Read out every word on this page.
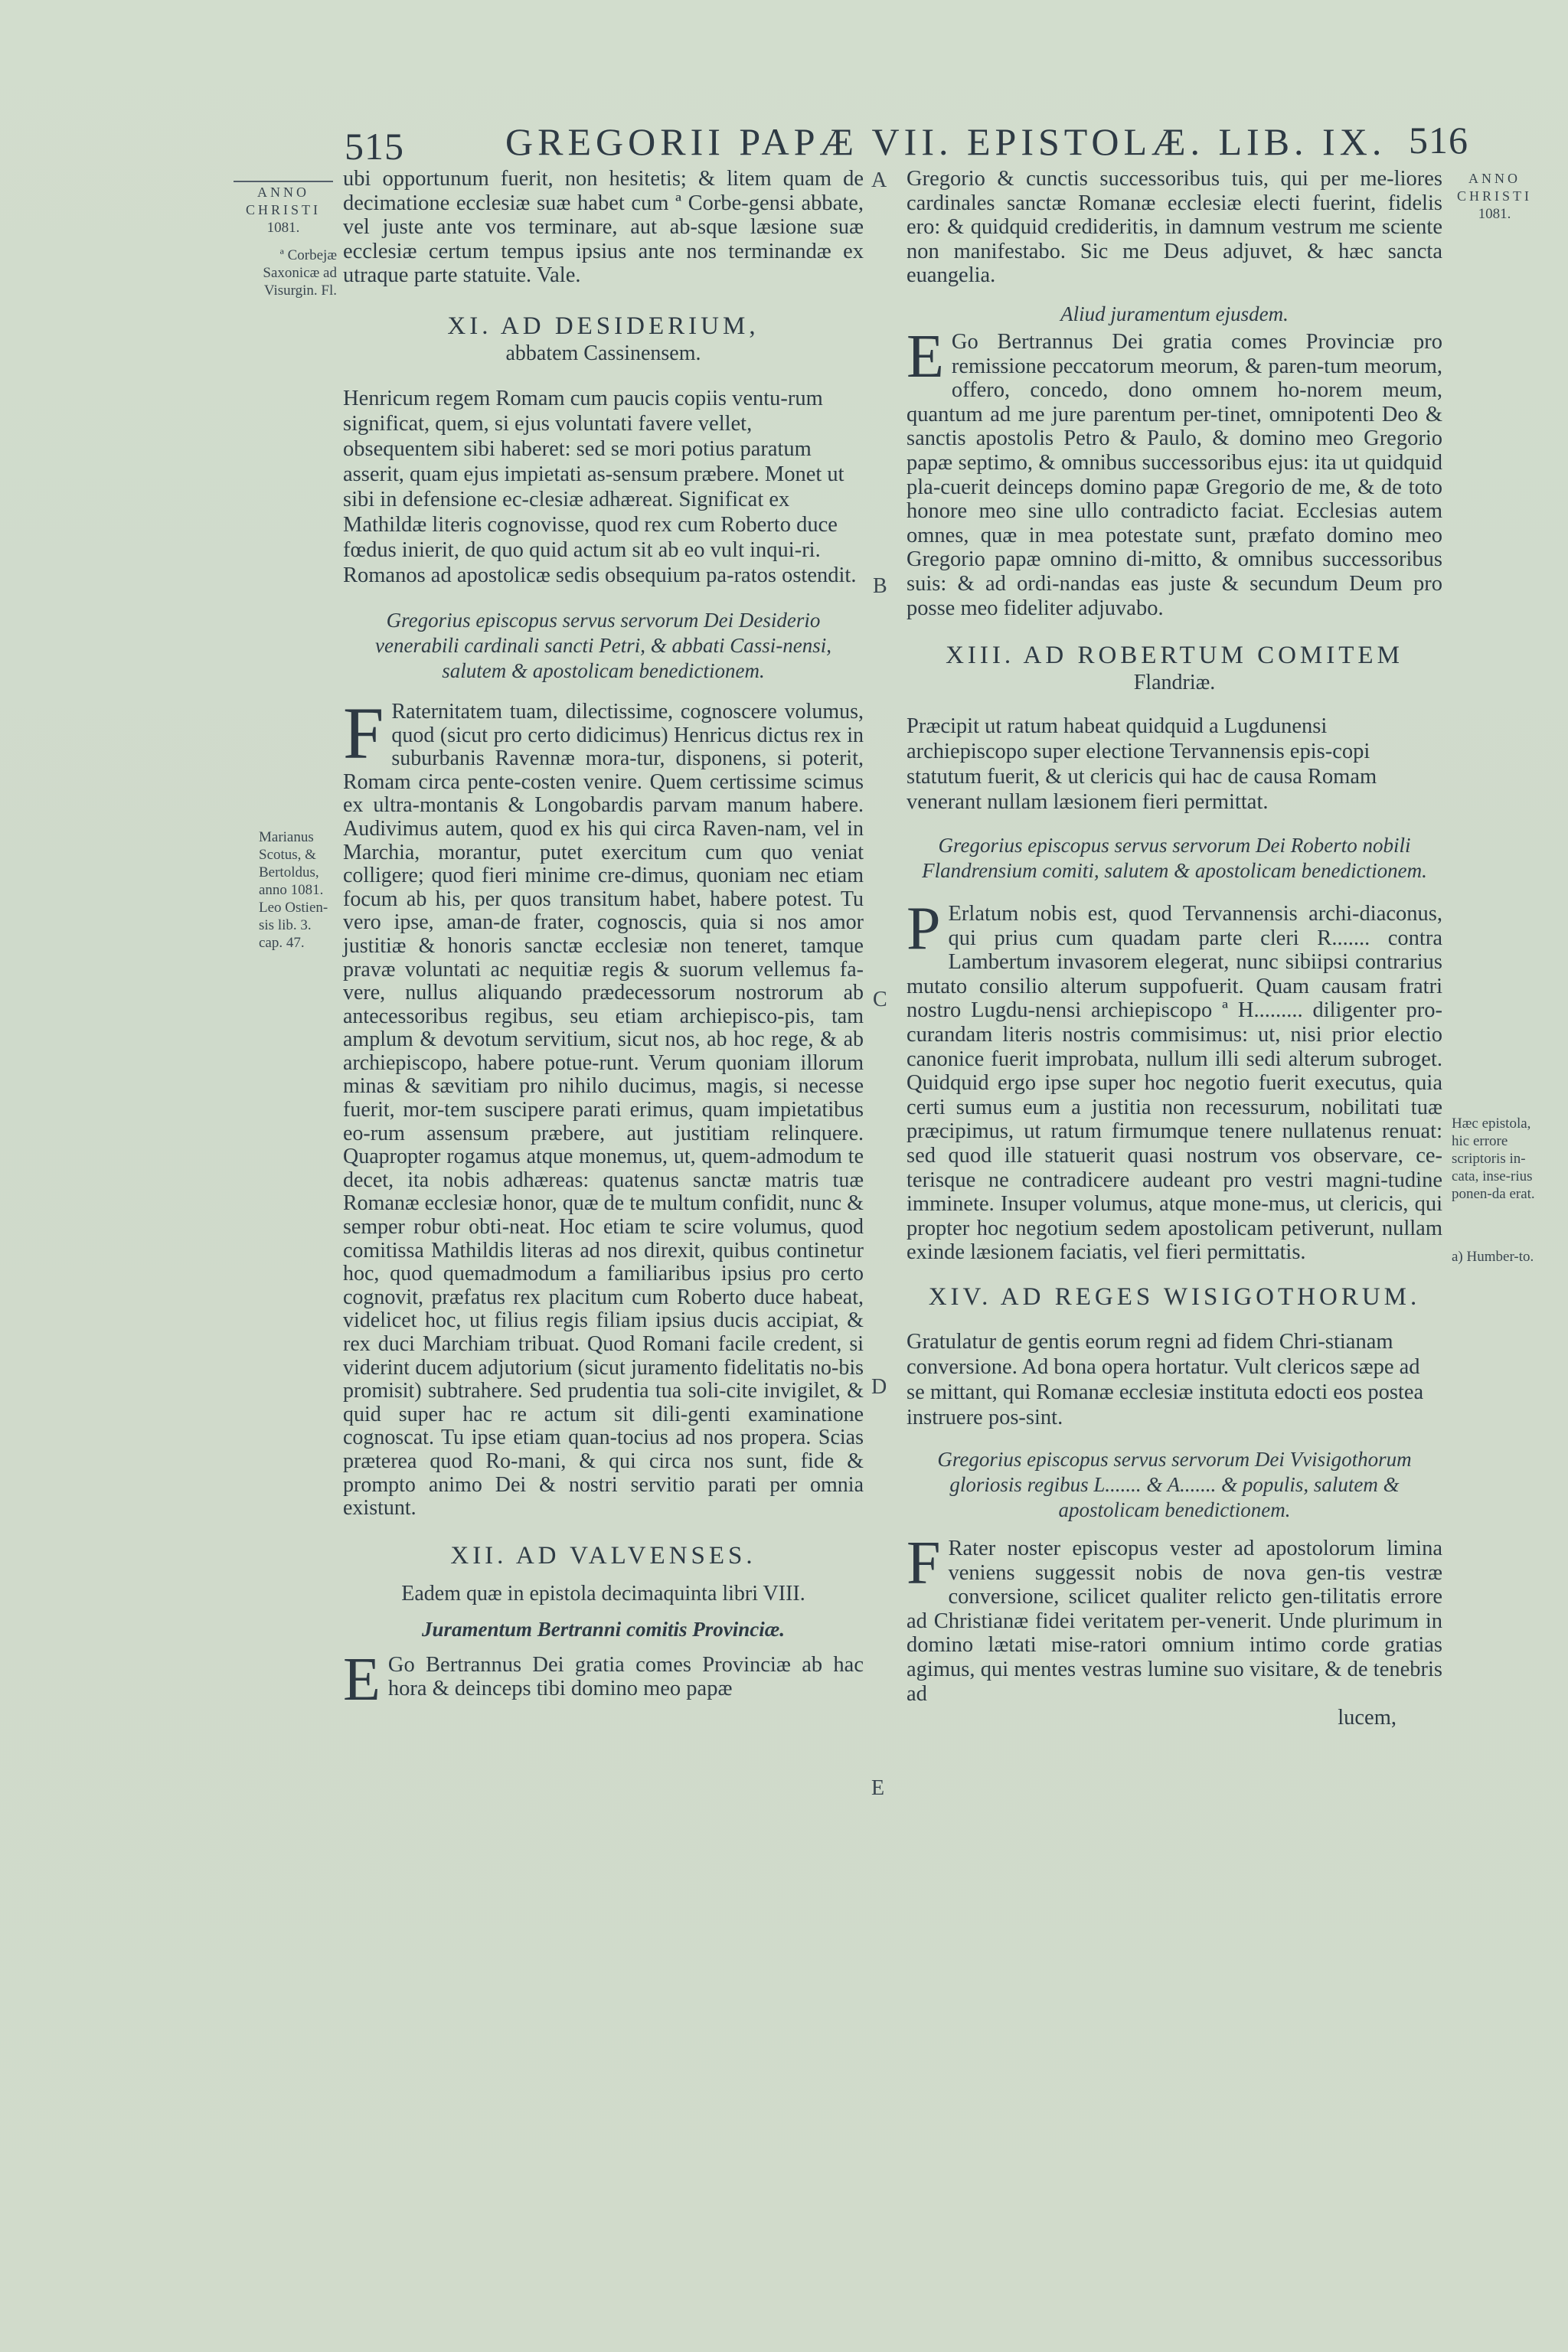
515	GREGORII PAPÆ VII. EPISTOLÆ. LIB. IX. 516
ANNO
CHRISTI
1081.
ª Corbejæ Saxonicæ ad Visurgin. Fl.
Marianus Scotus, & Bertoldus, anno 1081. Leo Ostien-sis lib. 3. cap. 47.
ANNO
CHRISTI
1081.
Hæc epistola, hic errore scriptoris in-cata, inse-rius ponen-da erat.
a) Humber-to.
A
B
C
D
E

ubi opportunum fuerit, non hesitetis; & litem quam de decimatione ecclesiæ suæ habet cum ª Corbe-gensi abbate, vel juste ante vos terminare, aut ab-sque læsione suæ ecclesiæ certum tempus ipsius ante nos terminandæ ex utraque parte statuite. Vale.

XI. AD DESIDERIUM,

abbatem Cassinensem.

Henricum regem Romam cum paucis copiis ventu-rum significat, quem, si ejus voluntati favere vellet, obsequentem sibi haberet: sed se mori potius paratum asserit, quam ejus impietati as-sensum præbere. Monet ut sibi in defensione ec-clesiæ adhæreat. Significat ex Mathildæ literis cognovisse, quod rex cum Roberto duce fœdus inierit, de quo quid actum sit ab eo vult inqui-ri. Romanos ad apostolicæ sedis obsequium pa-ratos ostendit.

Gregorius episcopus servus servorum Dei Desiderio venerabili cardinali sancti Petri, & abbati Cassi-nensi, salutem & apostolicam benedictionem.

F Raternitatem tuam, dilectissime, cognoscere volumus, quod (sicut pro certo didicimus) Henricus dictus rex in suburbanis Ravennæ mora-tur, disponens, si poterit, Romam circa pente-costen venire. Quem certissime scimus ex ultra-montanis & Longobardis parvam manum habere. Audivimus autem, quod ex his qui circa Raven-nam, vel in Marchia, morantur, putet exercitum cum quo veniat colligere; quod fieri minime cre-dimus, quoniam nec etiam focum ab his, per quos transitum habet, habere potest. Tu vero ipse, aman-de frater, cognoscis, quia si nos amor justitiæ & honoris sanctæ ecclesiæ non teneret, tamque pravæ voluntati ac nequitiæ regis & suorum vellemus fa-vere, nullus aliquando prædecessorum nostrorum ab antecessoribus regibus, seu etiam archiepisco-pis, tam amplum & devotum servitium, sicut nos, ab hoc rege, & ab archiepiscopo, habere potue-runt. Verum quoniam illorum minas & sævitiam pro nihilo ducimus, magis, si necesse fuerit, mor-tem suscipere parati erimus, quam impietatibus eo-rum assensum præbere, aut justitiam relinquere. Quapropter rogamus atque monemus, ut, quem-admodum te decet, ita nobis adhæreas: quatenus sanctæ matris tuæ Romanæ ecclesiæ honor, quæ de te multum confidit, nunc & semper robur obti-neat. Hoc etiam te scire volumus, quod comitissa Mathildis literas ad nos direxit, quibus continetur hoc, quod quemadmodum a familiaribus ipsius pro certo cognovit, præfatus rex placitum cum Roberto duce habeat, videlicet hoc, ut filius regis filiam ipsius ducis accipiat, & rex duci Marchiam tribuat. Quod Romani facile credent, si viderint ducem adjutorium (sicut juramento fidelitatis no-bis promisit) subtrahere. Sed prudentia tua soli-cite invigilet, & quid super hac re actum sit dili-genti examinatione cognoscat. Tu ipse etiam quan-tocius ad nos propera. Scias præterea quod Ro-mani, & qui circa nos sunt, fide & prompto animo Dei & nostri servitio parati per omnia existunt.

XII. AD VALVENSES.

Eadem quæ in epistola decimaquinta libri VIII.

Juramentum Bertranni comitis Provinciæ.

E Go Bertrannus Dei gratia comes Provinciæ ab hac hora & deinceps tibi domino meo papæ

Gregorio & cunctis successoribus tuis, qui per me-liores cardinales sanctæ Romanæ ecclesiæ electi fuerint, fidelis ero: & quidquid credideritis, in damnum vestrum me sciente non manifestabo. Sic me Deus adjuvet, & hæc sancta euangelia.

Aliud juramentum ejusdem.

E Go Bertrannus Dei gratia comes Provinciæ pro remissione peccatorum meorum, & paren-tum meorum, offero, concedo, dono omnem ho-norem meum, quantum ad me jure parentum per-tinet, omnipotenti Deo & sanctis apostolis Petro & Paulo, & domino meo Gregorio papæ septimo, & omnibus successoribus ejus: ita ut quidquid pla-cuerit deinceps domino papæ Gregorio de me, & de toto honore meo sine ullo contradicto faciat. Ecclesias autem omnes, quæ in mea potestate sunt, præfato domino meo Gregorio papæ omnino di-mitto, & omnibus successoribus suis: & ad ordi-nandas eas juste & secundum Deum pro posse meo fideliter adjuvabo.

XIII. AD ROBERTUM COMITEM

Flandriæ.

Præcipit ut ratum habeat quidquid a Lugdunensi archiepiscopo super electione Tervannensis epis-copi statutum fuerit, & ut clericis qui hac de causa Romam venerant nullam læsionem fieri permittat.

Gregorius episcopus servus servorum Dei Roberto nobili Flandrensium comiti, salutem & apostolicam benedictionem.

P Erlatum nobis est, quod Tervannensis archi-diaconus, qui prius cum quadam parte cleri R....... contra Lambertum invasorem elegerat, nunc sibiipsi contrarius mutato consilio alterum suppofuerit. Quam causam fratri nostro Lugdu-nensi archiepiscopo ª H......... diligenter pro-curandam literis nostris commisimus: ut, nisi prior electio canonice fuerit improbata, nullum illi sedi alterum subroget. Quidquid ergo ipse super hoc negotio fuerit executus, quia certi sumus eum a justitia non recessurum, nobilitati tuæ præcipimus, ut ratum firmumque tenere nullatenus renuat: sed quod ille statuerit quasi nostrum vos observare, ce-terisque ne contradicere audeant pro vestri magni-tudine imminete. Insuper volumus, atque mone-mus, ut clericis, qui propter hoc negotium sedem apostolicam petiverunt, nullam exinde læsionem faciatis, vel fieri permittatis.

XIV. AD REGES WISIGOTHORUM.

Gratulatur de gentis eorum regni ad fidem Chri-stianam conversione. Ad bona opera hortatur. Vult clericos sæpe ad se mittant, qui Romanæ ecclesiæ instituta edocti eos postea instruere pos-sint.

Gregorius episcopus servus servorum Dei Vvisigothorum gloriosis regibus L....... & A....... & populis, salutem & apostolicam benedictionem.

F Rater noster episcopus vester ad apostolorum limina veniens suggessit nobis de nova gen-tis vestræ conversione, scilicet qualiter relicto gen-tilitatis errore ad Christianæ fidei veritatem per-venerit. Unde plurimum in domino lætati mise-ratori omnium intimo corde gratias agimus, qui mentes vestras lumine suo visitare, & de tenebris ad

lucem,
